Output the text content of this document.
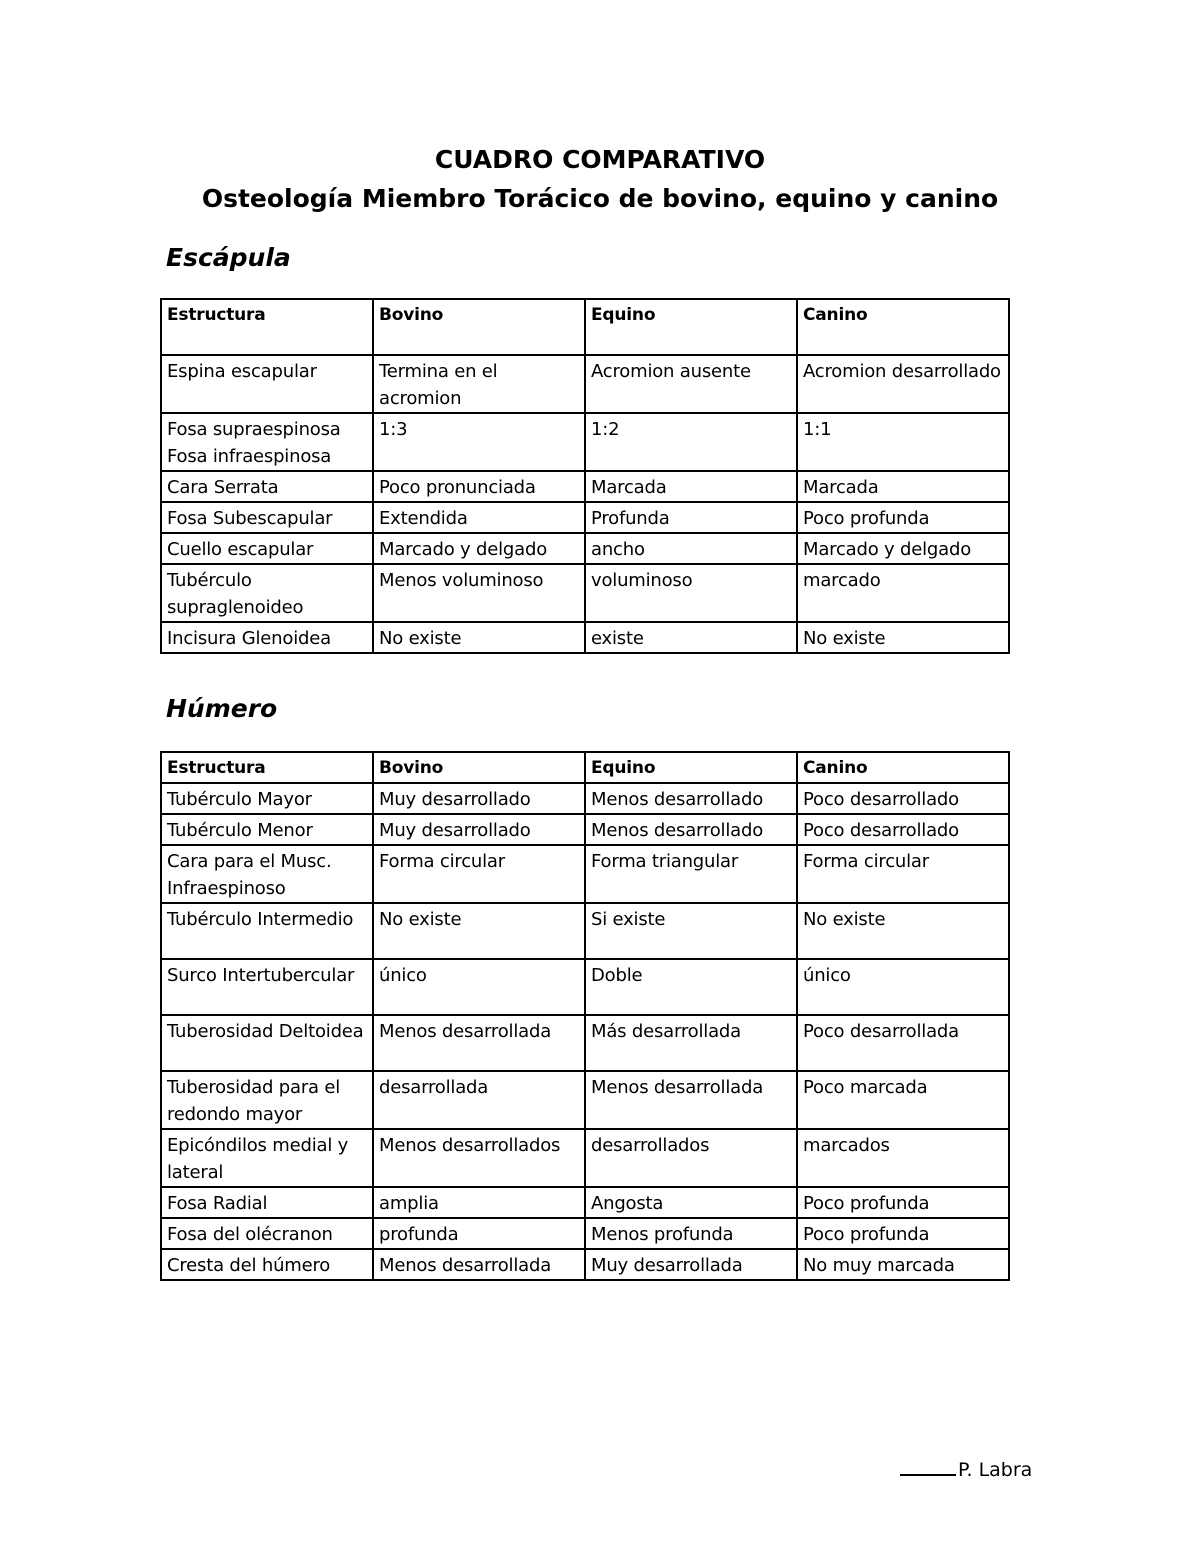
CUADRO COMPARATIVO
Osteología Miembro Torácico de bovino, equino y canino
Escápula
Estructura	Bovino	Equino	Canino
Espina escapular	Termina en el acromion	Acromion ausente	Acromion desarrollado
Fosa supraespinosa Fosa infraespinosa	1:3	1:2	1:1
Cara Serrata	Poco pronunciada	Marcada	Marcada
Fosa Subescapular	Extendida	Profunda	Poco profunda
Cuello escapular	Marcado y delgado	ancho	Marcado y delgado
Tubérculo supraglenoideo	Menos voluminoso	voluminoso	marcado
Incisura Glenoidea	No existe	existe	No existe
Húmero
Estructura	Bovino	Equino	Canino
Tubérculo Mayor	Muy desarrollado	Menos desarrollado	Poco desarrollado
Tubérculo Menor	Muy desarrollado	Menos desarrollado	Poco desarrollado
Cara para el Musc. Infraespinoso	Forma circular	Forma triangular	Forma circular
Tubérculo Intermedio	No existe	Si existe	No existe
Surco Intertubercular	único	Doble	único
Tuberosidad Deltoidea	Menos desarrollada	Más desarrollada	Poco desarrollada
Tuberosidad para el redondo mayor	desarrollada	Menos desarrollada	Poco marcada
Epicóndilos medial y lateral	Menos desarrollados	desarrollados	marcados
Fosa Radial	amplia	Angosta	Poco profunda
Fosa del olécranon	profunda	Menos profunda	Poco profunda
Cresta del húmero	Menos desarrollada	Muy desarrollada	No muy marcada
P. Labra
